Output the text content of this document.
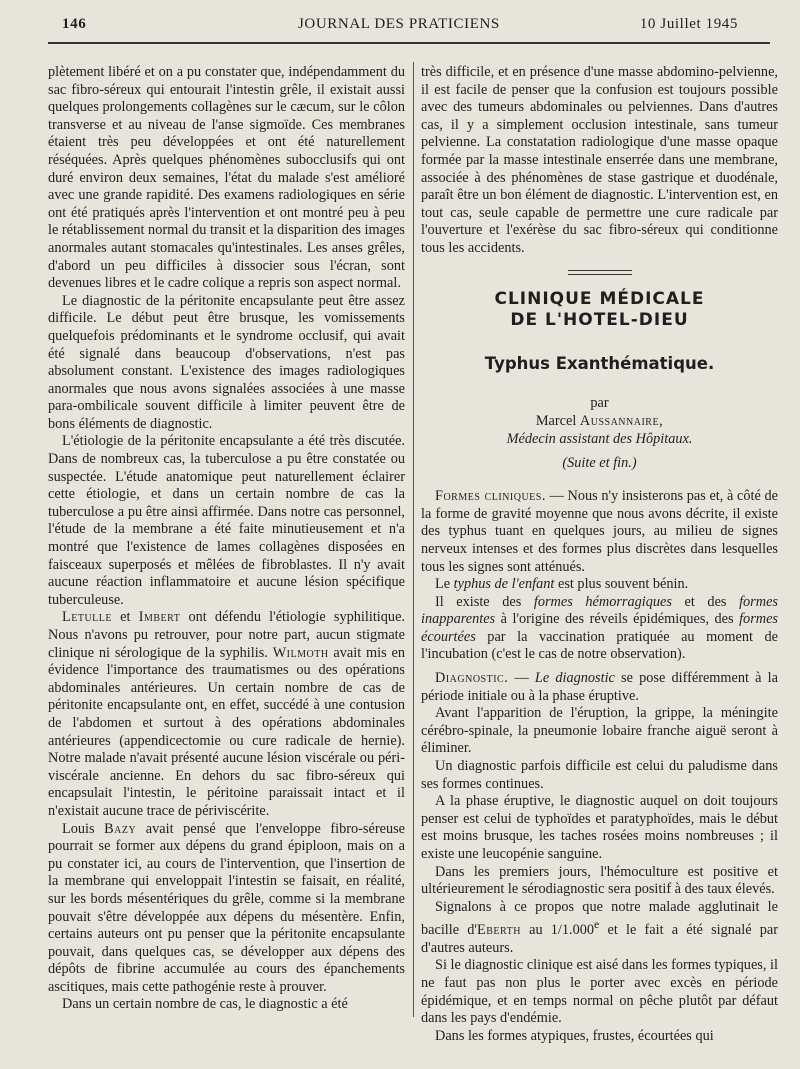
146	JOURNAL DES PRATICIENS	10 Juillet 1945

plètement libéré et on a pu constater que, indépendamment du sac fibro-séreux qui entourait l'intestin grêle, il existait aussi quelques prolongements collagènes sur le cæcum, sur le côlon transverse et au niveau de l'anse sigmoïde. Ces membranes étaient très peu développées et ont été naturellement réséquées. Après quelques phénomènes subocclusifs qui ont duré environ deux semaines, l'état du malade s'est amélioré avec une grande rapidité. Des examens radiologiques en série ont été pratiqués après l'intervention et ont montré peu à peu le rétablissement normal du transit et la disparition des images anormales autant stomacales qu'intestinales. Les anses grêles, d'abord un peu difficiles à dissocier sous l'écran, sont devenues libres et le cadre colique a repris son aspect normal.

Le diagnostic de la péritonite encapsulante peut être assez difficile. Le début peut être brusque, les vomissements quelquefois prédominants et le syndrome occlusif, qui avait été signalé dans beaucoup d'observations, n'est pas absolument constant. L'existence des images radiologiques anormales que nous avons signalées associées à une masse para-ombilicale souvent difficile à limiter peuvent être de bons éléments de diagnostic.

L'étiologie de la péritonite encapsulante a été très discutée. Dans de nombreux cas, la tuberculose a pu être constatée ou suspectée. L'étude anatomique peut naturellement éclairer cette étiologie, et dans un certain nombre de cas la tuberculose a pu être ainsi affirmée. Dans notre cas personnel, l'étude de la membrane a été faite minutieusement et n'a montré que l'existence de lames collagènes disposées en faisceaux superposés et mêlées de fibroblastes. Il n'y avait aucune réaction inflammatoire et aucune lésion spécifique tuberculeuse.

Letulle et Imbert ont défendu l'étiologie syphilitique. Nous n'avons pu retrouver, pour notre part, aucun stigmate clinique ni sérologique de la syphilis. Wilmoth avait mis en évidence l'importance des traumatismes ou des opérations abdominales antérieures. Un certain nombre de cas de péritonite encapsulante ont, en effet, succédé à une contusion de l'abdomen et surtout à des opérations abdominales antérieures (appendicectomie ou cure radicale de hernie). Notre malade n'avait présenté aucune lésion viscérale ou péri-viscérale ancienne. En dehors du sac fibro-séreux qui encapsulait l'intestin, le péritoine paraissait intact et il n'existait aucune trace de périviscérite.

Louis Bazy avait pensé que l'enveloppe fibro-séreuse pourrait se former aux dépens du grand épiploon, mais on a pu constater ici, au cours de l'intervention, que l'insertion de la membrane qui enveloppait l'intestin se faisait, en réalité, sur les bords mésentériques du grêle, comme si la membrane pouvait s'être développée aux dépens du mésentère. Enfin, certains auteurs ont pu penser que la péritonite encapsulante pouvait, dans quelques cas, se développer aux dépens des dépôts de fibrine accumulée au cours des épanchements ascitiques, mais cette pathogénie reste à prouver.

Dans un certain nombre de cas, le diagnostic a été

très difficile, et en présence d'une masse abdomino-pelvienne, il est facile de penser que la confusion est toujours possible avec des tumeurs abdominales ou pelviennes. Dans d'autres cas, il y a simplement occlusion intestinale, sans tumeur pelvienne. La constatation radiologique d'une masse opaque formée par la masse intestinale enserrée dans une membrane, associée à des phénomènes de stase gastrique et duodénale, paraît être un bon élément de diagnostic. L'intervention est, en tout cas, seule capable de permettre une cure radicale par l'ouverture et l'exérèse du sac fibro-séreux qui conditionne tous les accidents.

CLINIQUE MÉDICALE
DE L'HOTEL-DIEU
Typhus Exanthématique.
par
Marcel Aussannaire,
Médecin assistant des Hôpitaux.
(Suite et fin.)

Formes cliniques. — Nous n'y insisterons pas et, à côté de la forme de gravité moyenne que nous avons décrite, il existe des typhus tuant en quelques jours, au milieu de signes nerveux intenses et des formes plus discrètes dans lesquelles tous les signes sont atténués.

Le typhus de l'enfant est plus souvent bénin.

Il existe des formes hémorragiques et des formes inapparentes à l'origine des réveils épidémiques, des formes écourtées par la vaccination pratiquée au moment de l'incubation (c'est le cas de notre observation).

Diagnostic. — Le diagnostic se pose différemment à la période initiale ou à la phase éruptive.

Avant l'apparition de l'éruption, la grippe, la méningite cérébro-spinale, la pneumonie lobaire franche aiguë seront à éliminer.

Un diagnostic parfois difficile est celui du paludisme dans ses formes continues.

A la phase éruptive, le diagnostic auquel on doit toujours penser est celui de typhoïdes et paratyphoïdes, mais le début est moins brusque, les taches rosées moins nombreuses ; il existe une leucopénie sanguine.

Dans les premiers jours, l'hémoculture est positive et ultérieurement le sérodiagnostic sera positif à des taux élevés.

Signalons à ce propos que notre malade agglutinait le bacille d'Eberth au 1/1.000e et le fait a été signalé par d'autres auteurs.

Si le diagnostic clinique est aisé dans les formes typiques, il ne faut pas non plus le porter avec excès en période épidémique, et en temps normal on pêche plutôt par défaut dans les pays d'endémie.

Dans les formes atypiques, frustes, écourtées qui
